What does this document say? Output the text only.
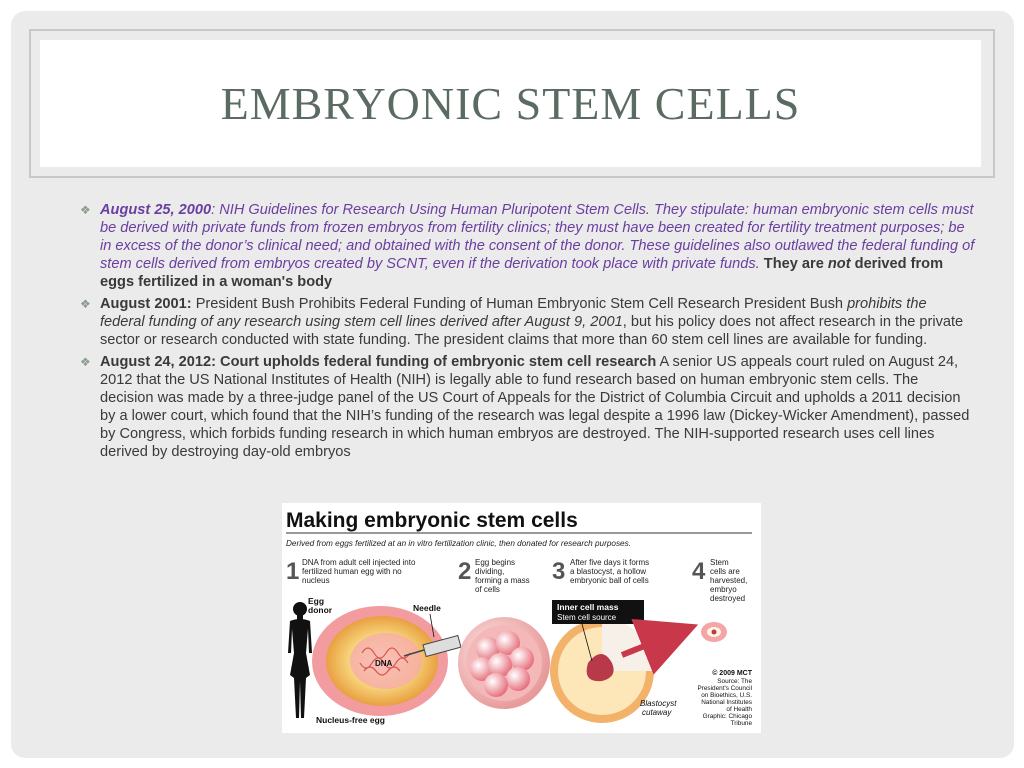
EMBRYONIC STEM CELLS
❖ August 25, 2000: NIH Guidelines for Research Using Human Pluripotent Stem Cells. They stipulate: human embryonic stem cells must be derived with private funds from frozen embryos from fertility clinics; they must have been created for fertility treatment purposes; be in excess of the donor’s clinical need; and obtained with the consent of the donor. These guidelines also outlawed the federal funding of stem cells derived from embryos created by SCNT, even if the derivation took place with private funds. They are not derived from eggs fertilized in a woman's body
❖ August 2001: President Bush Prohibits Federal Funding of Human Embryonic Stem Cell Research President Bush prohibits the federal funding of any research using stem cell lines derived after August 9, 2001, but his policy does not affect research in the private sector or research conducted with state funding. The president claims that more than 60 stem cell lines are available for funding.
❖ August 24, 2012: Court upholds federal funding of embryonic stem cell research A senior US appeals court ruled on August 24, 2012 that the US National Institutes of Health (NIH) is legally able to fund research based on human embryonic stem cells. The decision was made by a three-judge panel of the US Court of Appeals for the District of Columbia Circuit and upholds a 2011 decision by a lower court, which found that the NIH’s funding of the research was legal despite a 1996 law (Dickey-Wicker Amendment), passed by Congress, which forbids funding research in which human embryos are destroyed. The NIH-supported research uses cell lines derived by destroying day-old embryos
Making embryonic stem cells
Derived from eggs fertilized at an in vitro fertilization clinic, then donated for research purposes.
1 DNA from adult cell injected into
fertilized human egg with no
nucleus	2 Egg begins
dividing,
forming a mass
of cells
3 After five days it forms
a blastocyst, a hollow
embryonic ball of cells 4 Stem
cells are
harvested,
embryo
destroyed
Egg
donor
DNA
Needle
Nucleus-free egg
Inner cell mass
Stem cell source
Blastocyst
cutaway
© 2009 MCT
Source: The
President's Council
on Bioethics, U.S.
National Institutes
of Health
Graphic: Chicago
Tribune
